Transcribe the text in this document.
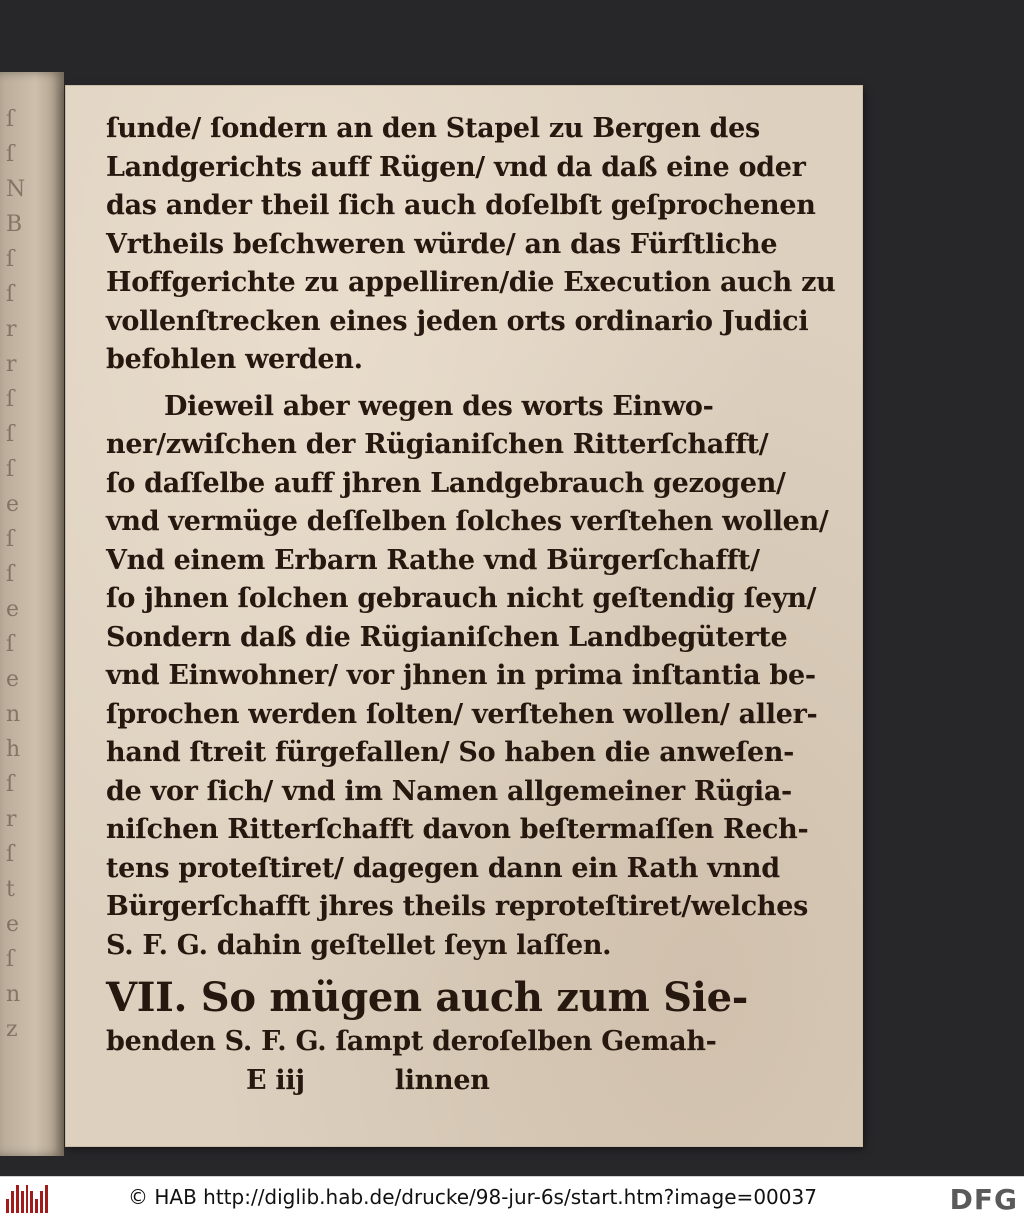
ſ
ſ
N
B
ſ
ſ
r
r
ſ
ſ
ſ
e
ſ
ſ
e
ſ
e
n
h
ſ
r
ſ
t
e
ſ
n
z

ſunde/ ſondern an den Stapel zu Bergen des
Landgerichts auff Rügen/ vnd da daß eine oder
das ander theil ſich auch doſelbſt geſprochenen
Vrtheils beſchweren würde/ an das Fürſtliche
Hoffgerichte zu appelliren/die Execution auch zu
vollenſtrecken eines jeden orts ordinario Judici
befohlen werden.

Dieweil aber wegen des worts Einwo-
ner/zwiſchen der Rügianiſchen Ritterſchafft/
ſo daſſelbe auff jhren Landgebrauch gezogen/
vnd vermüge deſſelben ſolches verſtehen wollen/
Vnd einem Erbarn Rathe vnd Bürgerſchafft/
ſo jhnen ſolchen gebrauch nicht geſtendig ſeyn/
Sondern daß die Rügianiſchen Landbegüterte
vnd Einwohner/ vor jhnen in prima inſtantia be-
ſprochen werden ſolten/ verſtehen wollen/ aller-
hand ſtreit fürgefallen/ So haben die anweſen-
de vor ſich/ vnd im Namen allgemeiner Rügia-
niſchen Ritterſchafft davon beſtermaſſen Rech-
tens proteſtiret/ dagegen dann ein Rath vnnd
Bürgerſchafft jhres theils reproteſtiret/welches
S. F. G. dahin geſtellet ſeyn laſſen.

VII. So mügen auch zum Sie-
benden S. F. G. ſampt deroſelben Gemah-
E iij	linnen
© HAB http://diglib.hab.de/drucke/98-jur-6s/start.htm?image=00037	DFG
